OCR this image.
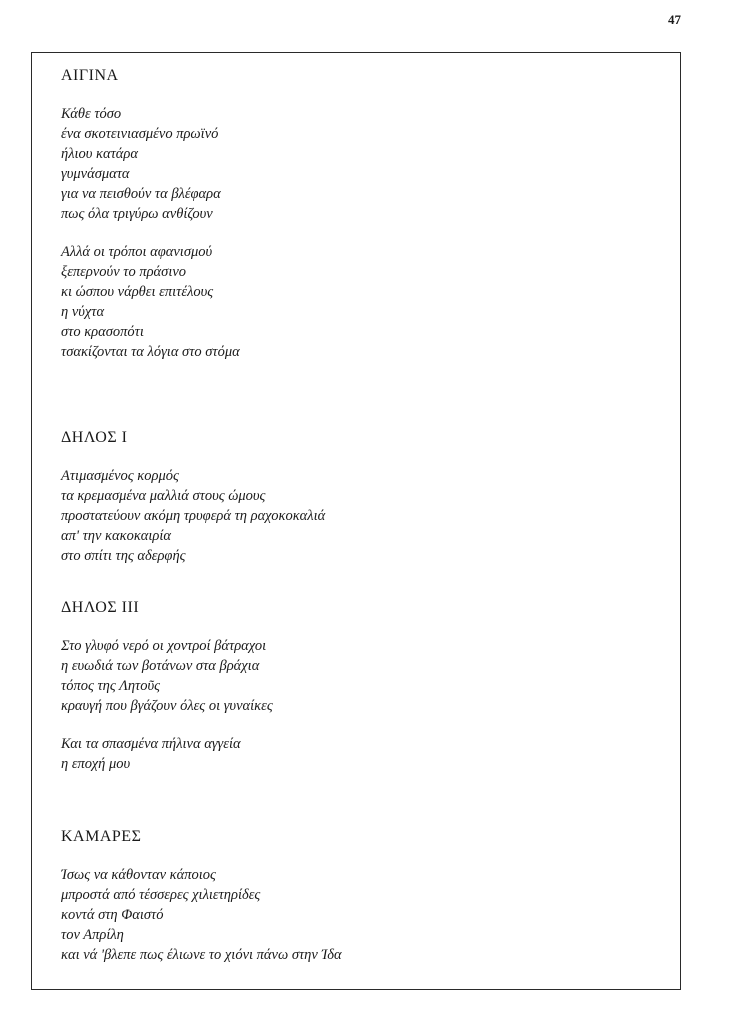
47
ΑΙΓΙΝΑ
Κάθε τόσο
ένα σκοτεινιασμένο πρωϊνό
ήλιου κατάρα
γυμνάσματα
για να πεισθούν τα βλέφαρα
πως όλα τριγύρω ανθίζουν
Αλλά οι τρόποι αφανισμού
ξεπερνούν το πράσινο
κι ώσπου νάρθει επιτέλους
η νύχτα
στο κρασοπότι
τσακίζονται τα λόγια στο στόμα
ΔΗΛΟΣ Ι
Ατιμασμένος κορμός
τα κρεμασμένα μαλλιά στους ώμους
προστατεύουν ακόμη τρυφερά τη ραχοκοκαλιά
απ' την κακοκαιρία
στο σπίτι της αδερφής
ΔΗΛΟΣ ΙΙΙ
Στο γλυφό νερό οι χοντροί βάτραχοι
η ευωδιά των βοτάνων στα βράχια
τόπος της Λητοῦς
κραυγή που βγάζουν όλες οι γυναίκες
Και τα σπασμένα πήλινα αγγεία
η εποχή μου
ΚΑΜΑΡΕΣ
Ίσως να κάθονταν κάποιος
μπροστά από τέσσερες χιλιετηρίδες
κοντά στη Φαιστό
τον Απρίλη
και νά 'βλεπε πως έλιωνε το χιόνι πάνω στην Ίδα
